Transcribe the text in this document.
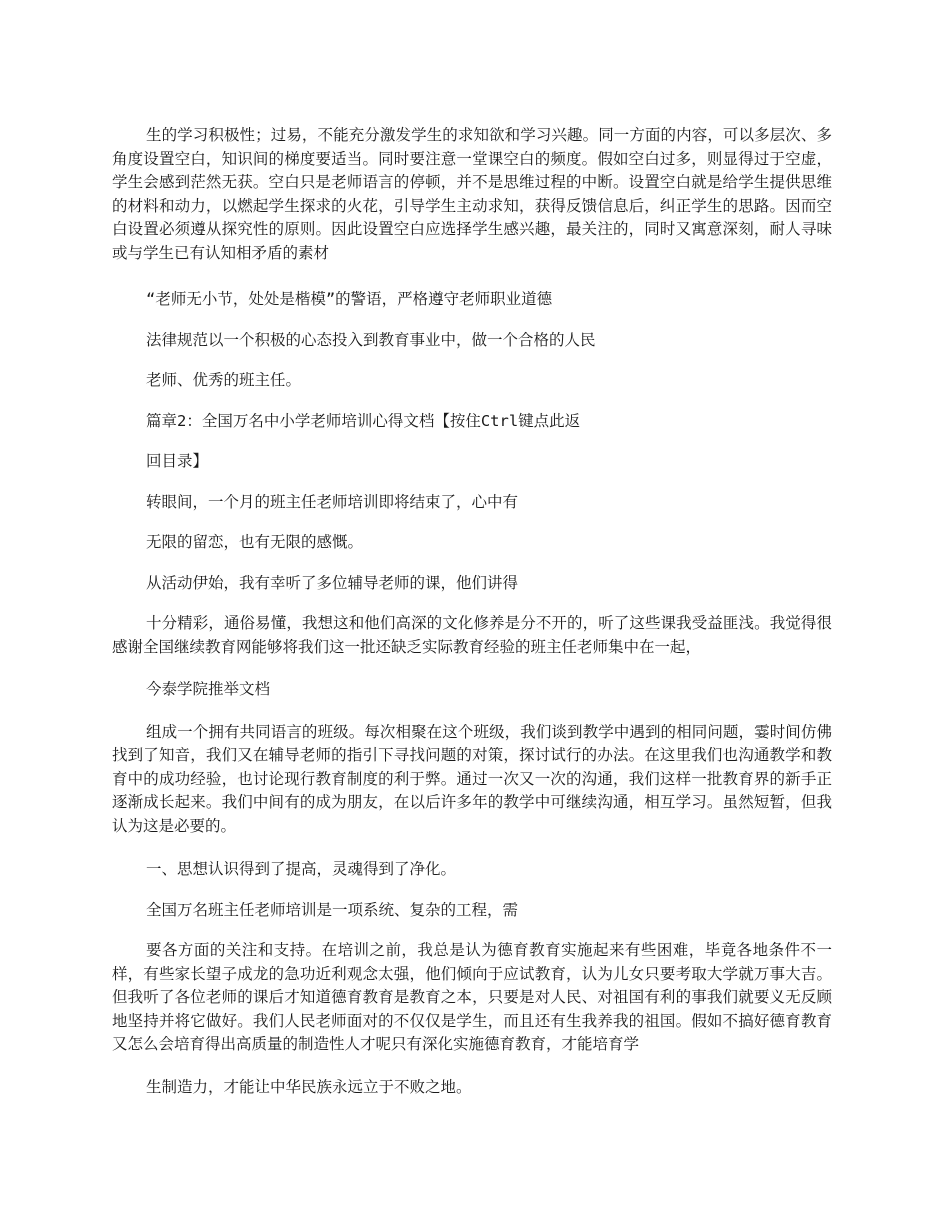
生的学习积极性；过易，不能充分激发学生的求知欲和学习兴趣。同一方面的内容，可以多层次、多角度设置空白，知识间的梯度要适当。同时要注意一堂课空白的频度。假如空白过多，则显得过于空虚，学生会感到茫然无获。空白只是老师语言的停顿，并不是思维过程的中断。设置空白就是给学生提供思维的材料和动力，以燃起学生探求的火花，引导学生主动求知，获得反馈信息后，纠正学生的思路。因而空白设置必须遵从探究性的原则。因此设置空白应选择学生感兴趣，最关注的，同时又寓意深刻，耐人寻味或与学生已有认知相矛盾的素材

“老师无小节，处处是楷模”的警语，严格遵守老师职业道德

法律规范以一个积极的心态投入到教育事业中，做一个合格的人民

老师、优秀的班主任。

篇章2：全国万名中小学老师培训心得文档【按住Ctrl键点此返

回目录】

转眼间，一个月的班主任老师培训即将结束了，心中有

无限的留恋，也有无限的感慨。

从活动伊始，我有幸听了多位辅导老师的课，他们讲得

十分精彩，通俗易懂，我想这和他们高深的文化修养是分不开的，听了这些课我受益匪浅。我觉得很感谢全国继续教育网能够将我们这一批还缺乏实际教育经验的班主任老师集中在一起，

今泰学院推举文档

组成一个拥有共同语言的班级。每次相聚在这个班级，我们谈到教学中遇到的相同问题，霎时间仿佛找到了知音，我们又在辅导老师的指引下寻找问题的对策，探讨试行的办法。在这里我们也沟通教学和教育中的成功经验，也讨论现行教育制度的利于弊。通过一次又一次的沟通，我们这样一批教育界的新手正逐渐成长起来。我们中间有的成为朋友，在以后许多年的教学中可继续沟通，相互学习。虽然短暂，但我认为这是必要的。

一、思想认识得到了提高，灵魂得到了净化。

全国万名班主任老师培训是一项系统、复杂的工程，需

要各方面的关注和支持。在培训之前，我总是认为德育教育实施起来有些困难，毕竟各地条件不一样，有些家长望子成龙的急功近利观念太强，他们倾向于应试教育，认为儿女只要考取大学就万事大吉。但我听了各位老师的课后才知道德育教育是教育之本，只要是对人民、对祖国有利的事我们就要义无反顾地坚持并将它做好。我们人民老师面对的不仅仅是学生，而且还有生我养我的祖国。假如不搞好德育教育又怎么会培育得出高质量的制造性人才呢只有深化实施德育教育，才能培育学

生制造力，才能让中华民族永远立于不败之地。
